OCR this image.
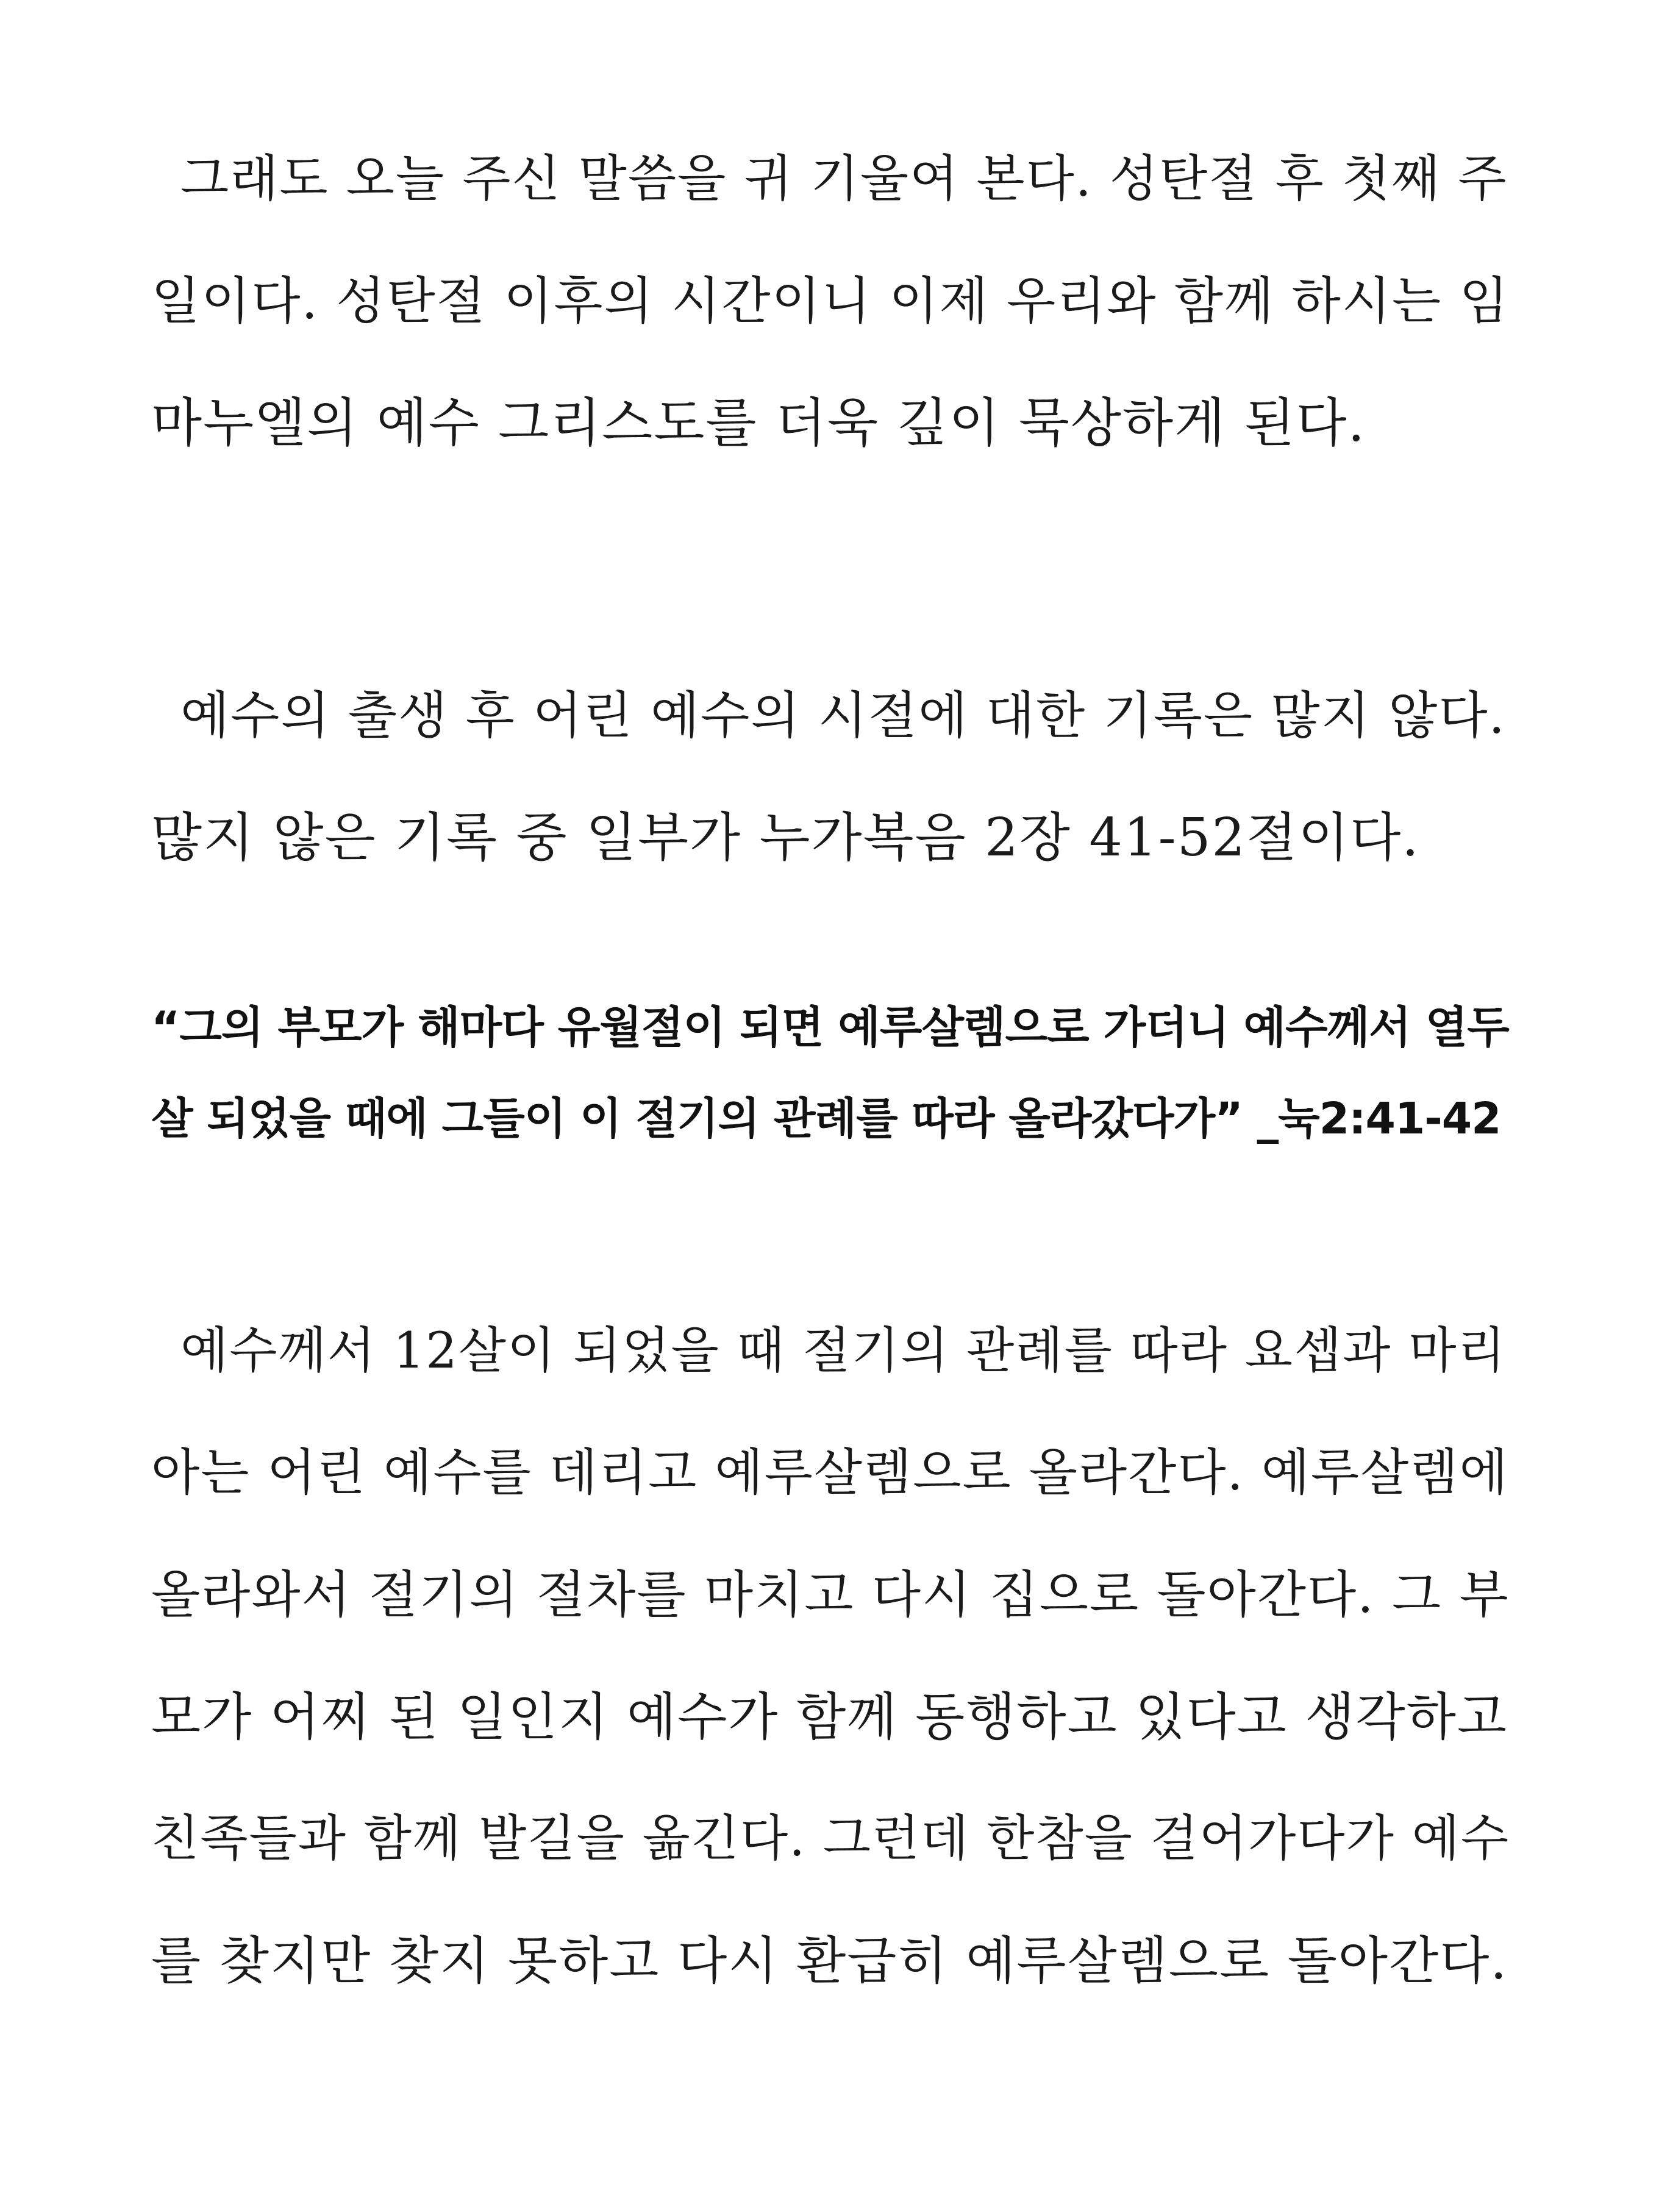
그래도 오늘 주신 말씀을 귀 기울여 본다. 성탄절 후 첫째 주
일이다. 성탄절 이후의 시간이니 이제 우리와 함께 하시는 임
마누엘의 예수 그리스도를 더욱 깊이 묵상하게 된다.
예수의 출생 후 어린 예수의 시절에 대한 기록은 많지 않다.
많지 않은 기록 중 일부가 누가복음 2장 41-52절이다.
“그의 부모가 해마다 유월절이 되면 예루살렘으로 가더니 예수께서 열두
살 되었을 때에 그들이 이 절기의 관례를 따라 올라갔다가” _눅2:41-42
예수께서 12살이 되었을 때 절기의 관례를 따라 요셉과 마리
아는 어린 예수를 데리고 예루살렘으로 올라간다. 예루살렘에
올라와서 절기의 절차를 마치고 다시 집으로 돌아간다. 그 부
모가 어찌 된 일인지 예수가 함께 동행하고 있다고 생각하고
친족들과 함께 발길을 옮긴다. 그런데 한참을 걸어가다가 예수
를 찾지만 찾지 못하고 다시 환급히 예루살렘으로 돌아간다.
